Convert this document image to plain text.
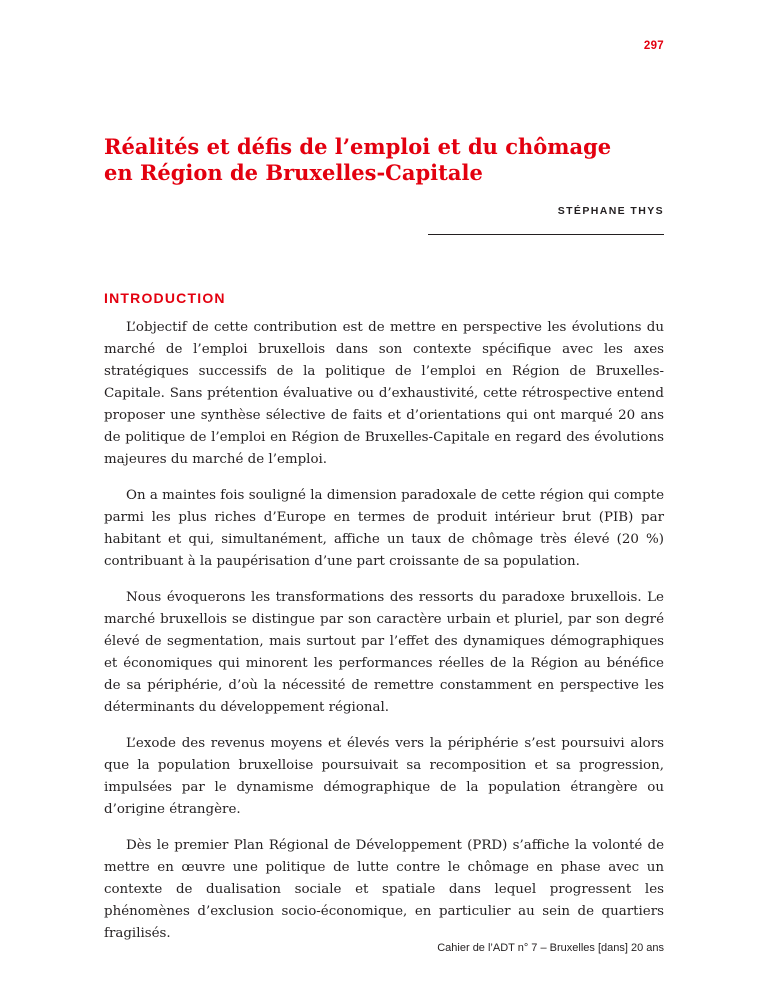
297
Réalités et défis de l’emploi et du chômage
en Région de Bruxelles-Capitale
STÉPHANE THYS
INTRODUCTION

L’objectif de cette contribution est de mettre en perspective les évolutions du marché de l’emploi bruxellois dans son contexte spécifique avec les axes stratégiques successifs de la politique de l’emploi en Région de Bruxelles-Capitale. Sans prétention évaluative ou d’exhaustivité, cette rétrospective entend proposer une synthèse sélective de faits et d’orientations qui ont marqué 20 ans de politique de l’emploi en Région de Bruxelles-Capitale en regard des évolutions majeures du marché de l’emploi.

On a maintes fois souligné la dimension paradoxale de cette région qui compte parmi les plus riches d’Europe en termes de produit intérieur brut (PIB) par habitant et qui, simultanément, affiche un taux de chômage très élevé (20 %) contribuant à la paupérisation d’une part croissante de sa population.

Nous évoquerons les transformations des ressorts du paradoxe bruxellois. Le marché bruxellois se distingue par son caractère urbain et pluriel, par son degré élevé de segmentation, mais surtout par l’effet des dynamiques démographiques et économiques qui minorent les performances réelles de la Région au bénéfice de sa périphérie, d’où la nécessité de remettre constamment en perspective les déterminants du développement régional.

L’exode des revenus moyens et élevés vers la périphérie s’est poursuivi alors que la population bruxelloise poursuivait sa recomposition et sa progression, impulsées par le dynamisme démographique de la population étrangère ou d’origine étrangère.

Dès le premier Plan Régional de Développement (PRD) s’affiche la volonté de mettre en œuvre une politique de lutte contre le chômage en phase avec un contexte de dualisation sociale et spatiale dans lequel progressent les phénomènes d’exclusion socio-économique, en particulier au sein de quartiers fragilisés.

Cahier de l’ADT n° 7 – Bruxelles [dans] 20 ans
